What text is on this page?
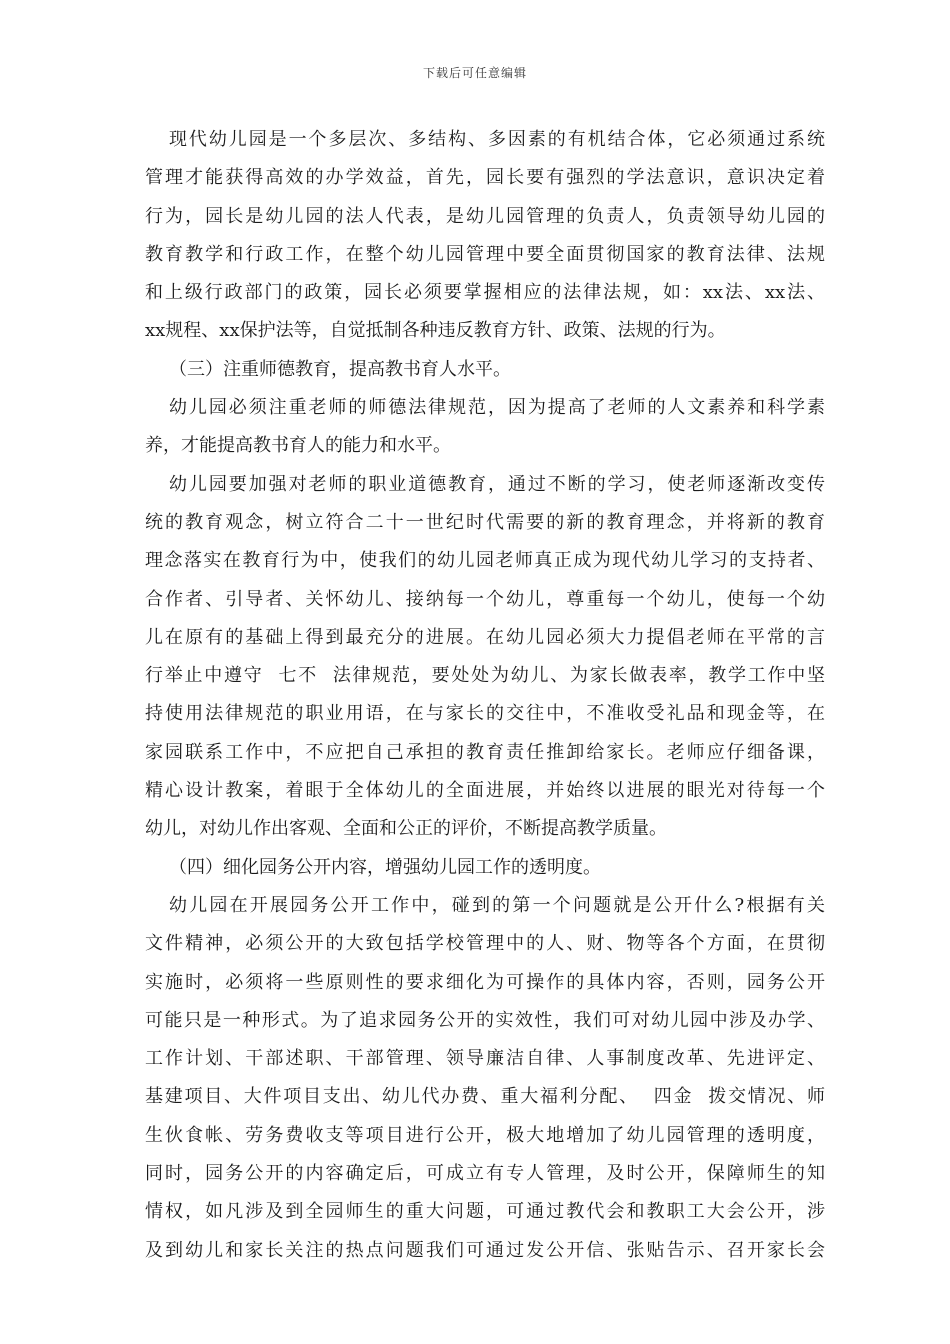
下载后可任意编辑
现代幼儿园是一个多层次、多结构、多因素的有机结合体，它必须通过系统
管理才能获得高效的办学效益，首先，园长要有强烈的学法意识，意识决定着
行为，园长是幼儿园的法人代表，是幼儿园管理的负责人，负责领导幼儿园的
教育教学和行政工作，在整个幼儿园管理中要全面贯彻国家的教育法律、法规
和上级行政部门的政策，园长必须要掌握相应的法律法规，如：xx法、xx法、
xx规程、xx保护法等，自觉抵制各种违反教育方针、政策、法规的行为。
（三）注重师德教育，提高教书育人水平。
幼儿园必须注重老师的师德法律规范，因为提高了老师的人文素养和科学素
养，才能提高教书育人的能力和水平。
幼儿园要加强对老师的职业道德教育，通过不断的学习，使老师逐渐改变传
统的教育观念，树立符合二十一世纪时代需要的新的教育理念，并将新的教育
理念落实在教育行为中，使我们的幼儿园老师真正成为现代幼儿学习的支持者、
合作者、引导者、关怀幼儿、接纳每一个幼儿，尊重每一个幼儿，使每一个幼
儿在原有的基础上得到最充分的进展。在幼儿园必须大力提倡老师在平常的言
行举止中遵守  七不  法律规范，要处处为幼儿、为家长做表率，教学工作中坚
持使用法律规范的职业用语，在与家长的交往中，不准收受礼品和现金等，在
家园联系工作中，不应把自己承担的教育责任推卸给家长。老师应仔细备课，
精心设计教案，着眼于全体幼儿的全面进展，并始终以进展的眼光对待每一个
幼儿，对幼儿作出客观、全面和公正的评价，不断提高教学质量。
（四）细化园务公开内容，增强幼儿园工作的透明度。
幼儿园在开展园务公开工作中，碰到的第一个问题就是公开什么?根据有关
文件精神，必须公开的大致包括学校管理中的人、财、物等各个方面，在贯彻
实施时，必须将一些原则性的要求细化为可操作的具体内容，否则，园务公开
可能只是一种形式。为了追求园务公开的实效性，我们可对幼儿园中涉及办学、
工作计划、干部述职、干部管理、领导廉洁自律、人事制度改革、先进评定、
基建项目、大件项目支出、幼儿代办费、重大福利分配、  四金  拨交情况、师
生伙食帐、劳务费收支等项目进行公开，极大地增加了幼儿园管理的透明度，
同时，园务公开的内容确定后，可成立有专人管理，及时公开，保障师生的知
情权，如凡涉及到全园师生的重大问题，可通过教代会和教职工大会公开，涉
及到幼儿和家长关注的热点问题我们可通过发公开信、张贴告示、召开家长会
